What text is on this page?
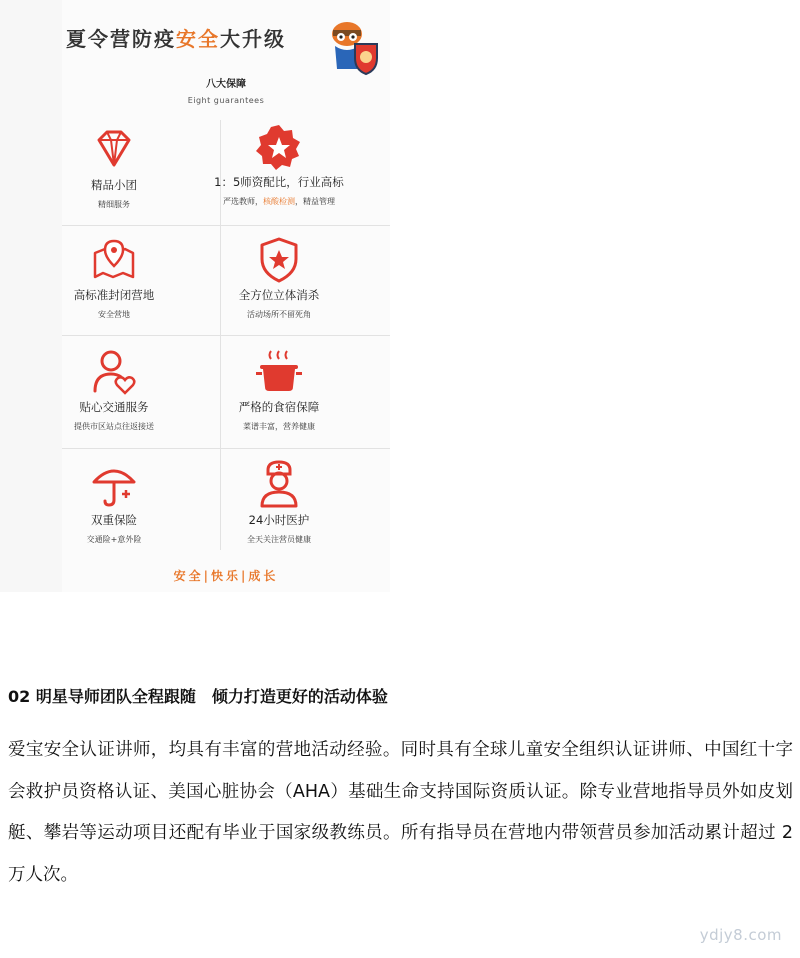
夏令营防疫安全大升级
八大保障
Eight guarantees
精品小团
精细服务
1：5师资配比，行业高标
严选教师，核酸检测，精益管理
高标准封闭营地
安全营地
全方位立体消杀
活动场所不留死角
贴心交通服务
提供市区站点往返接送
严格的食宿保障
菜谱丰富，营养健康
双重保险
交通险+意外险
24小时医护
全天关注营员健康
安全|快乐|成长
02 明星导师团队全程跟随　倾力打造更好的活动体验
爱宝安全认证讲师，均具有丰富的营地活动经验。同时具有全球儿童安全组织认证讲师、中国红十字会救护员资格认证、美国心脏协会（AHA）基础生命支持国际资质认证。除专业营地指导员外如皮划艇、攀岩等运动项目还配有毕业于国家级教练员。所有指导员在营地内带领营员参加活动累计超过 2 万人次。
ydjy8.com
